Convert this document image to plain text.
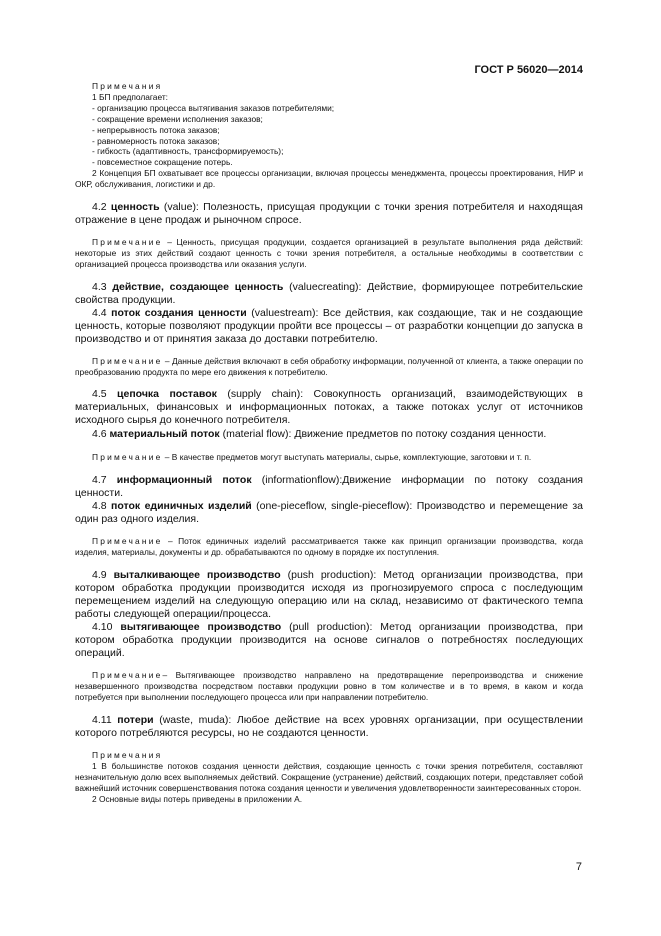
ГОСТ Р 56020—2014

Примечания

1 БП предполагает:

- организацию процесса вытягивания заказов потребителями;

- сокращение времени исполнения заказов;

- непрерывность потока заказов;

- равномерность потока заказов;

- гибкость (адаптивность, трансформируемость);

- повсеместное сокращение потерь.

2 Концепция БП охватывает все процессы организации, включая процессы менеджмента, процессы проектирования, НИР и ОКР, обслуживания, логистики и др.

4.2 ценность (value): Полезность, присущая продукции с точки зрения потребителя и находящая отражение в цене продаж и рыночном спросе.

Примечание – Ценность, присущая продукции, создается организацией в результате выполнения ряда действий: некоторые из этих действий создают ценность с точки зрения потребителя, а остальные необходимы в соответствии с организацией процесса производства или оказания услуги.

4.3 действие, создающее ценность (valuecreating): Действие, формирующее потребительские свойства продукции.

4.4 поток создания ценности (valuestream): Все действия, как создающие, так и не создающие ценность, которые позволяют продукции пройти все процессы – от разработки концепции до запуска в производство и от принятия заказа до доставки потребителю.

Примечание – Данные действия включают в себя обработку информации, полученной от клиента, а также операции по преобразованию продукта по мере его движения к потребителю.

4.5 цепочка поставок (supply chain): Совокупность организаций, взаимодействующих в материальных, финансовых и информационных потоках, а также потоках услуг от источников исходного сырья до конечного потребителя.

4.6 материальный поток (material flow): Движение предметов по потоку создания ценности.

Примечание – В качестве предметов могут выступать материалы, сырье, комплектующие, заготовки и т. п.

4.7 информационный поток (informationflow):Движение информации по потоку создания ценности.

4.8 поток единичных изделий (one-pieceflow, single-pieceflow): Производство и перемещение за один раз одного изделия.

Примечание – Поток единичных изделий рассматривается также как принцип организации производства, когда изделия, материалы, документы и др. обрабатываются по одному в порядке их поступления.

4.9 выталкивающее производство (push production): Метод организации производства, при котором обработка продукции производится исходя из прогнозируемого спроса с последующим перемещением изделий на следующую операцию или на склад, независимо от фактического темпа работы следующей операции/процесса.

4.10 вытягивающее производство (pull production): Метод организации производства, при котором обработка продукции производится на основе сигналов о потребностях последующих операций.

Примечание– Вытягивающее производство направлено на предотвращение перепроизводства и снижение незавершенного производства посредством поставки продукции ровно в том количестве и в то время, в каком и когда потребуется при выполнении последующего процесса или при направлении потребителю.

4.11 потери (waste, muda): Любое действие на всех уровнях организации, при осуществлении которого потребляются ресурсы, но не создаются ценности.

Примечания

1 В большинстве потоков создания ценности действия, создающие ценность с точки зрения потребителя, составляют незначительную долю всех выполняемых действий. Сокращение (устранение) действий, создающих потери, представляет собой важнейший источник совершенствования потока создания ценности и увеличения удовлетворенности заинтересованных сторон.

2 Основные виды потерь приведены в приложении А.

7
